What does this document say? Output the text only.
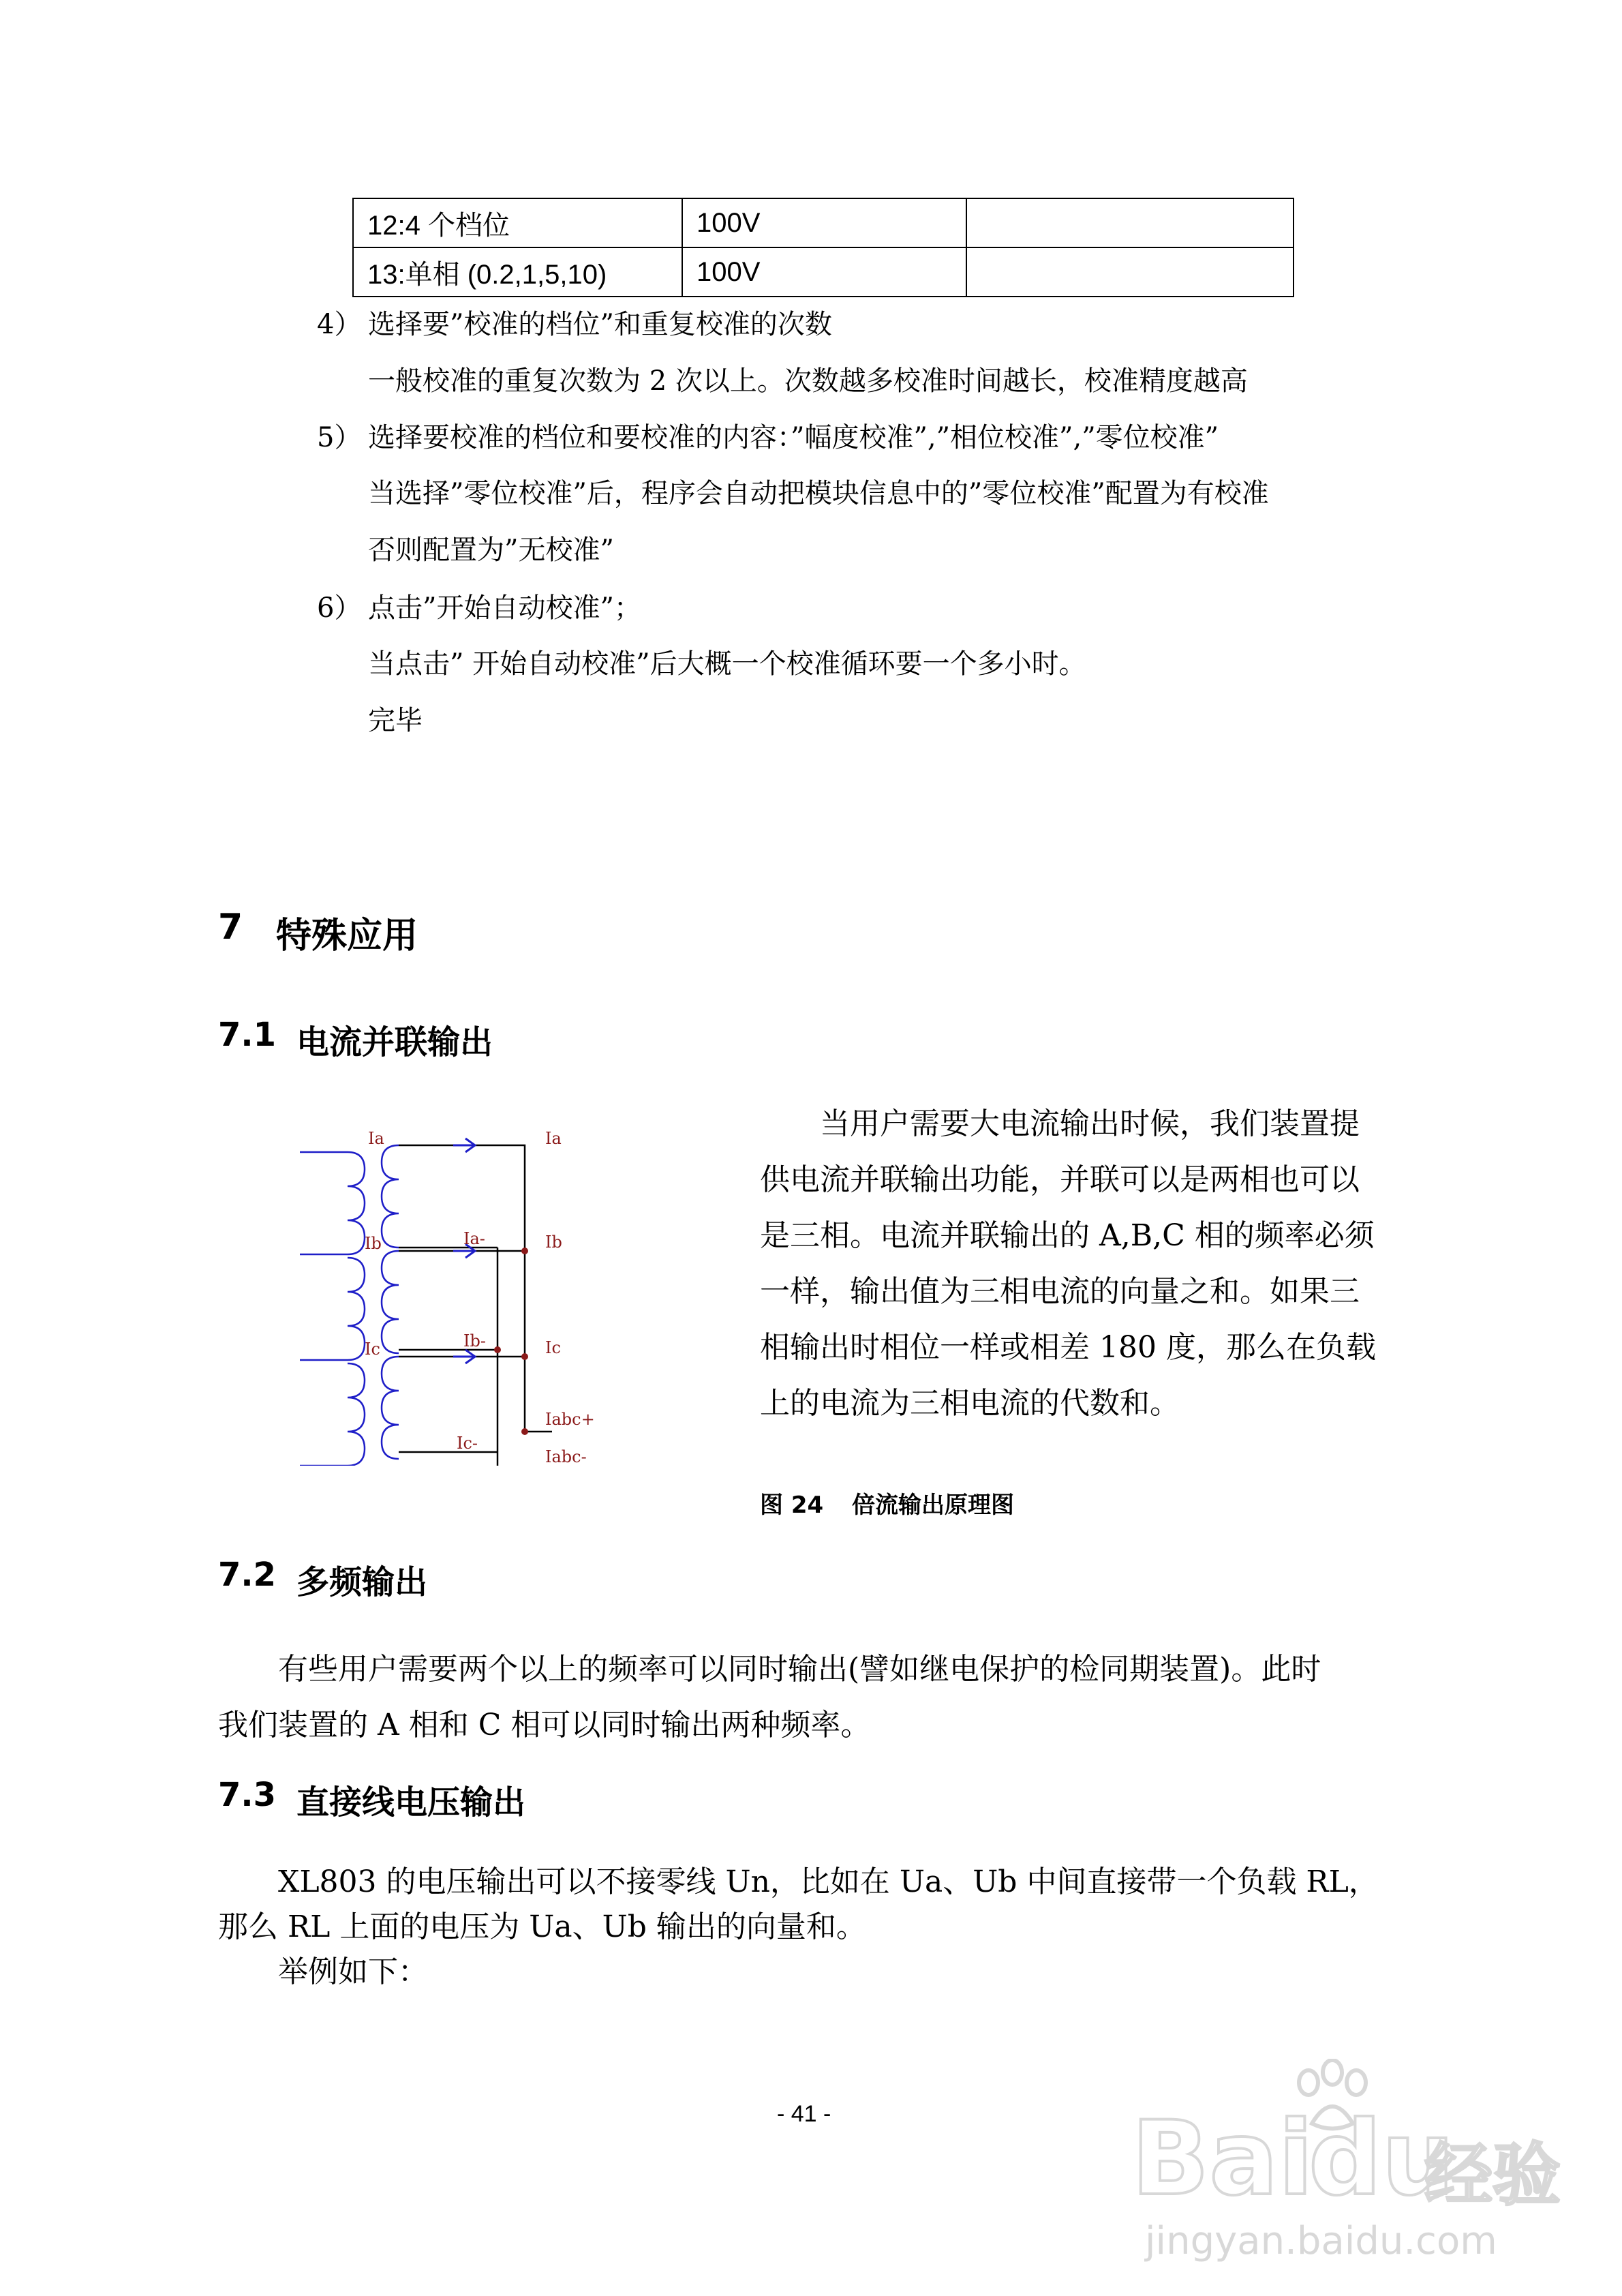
12:4 个档位	100V	
13:单相 (0.2,1,5,10)	100V	
4） 选择要”校准的档位”和重复校准的次数
一般校准的重复次数为 2 次以上。次数越多校准时间越长，校准精度越高
5） 选择要校准的档位和要校准的内容：”幅度校准”,”相位校准”,”零位校准”
当选择”零位校准”后，程序会自动把模块信息中的”零位校准”配置为有校准
否则配置为”无校准”
6） 点击”开始自动校准”；
当点击” 开始自动校准”后大概一个校准循环要一个多小时。
完毕
7 特殊应用
7.1 电流并联输出
Ia
Ib
Ic
Ia-
Ib-
Ic-
Ia
Ib
Ic
Iabc+
Iabc-
当用户需要大电流输出时候，我们装置提
供电流并联输出功能，并联可以是两相也可以
是三相。电流并联输出的 A,B,C 相的频率必须
一样，输出值为三相电流的向量之和。如果三
相输出时相位一样或相差 180 度，那么在负载
上的电流为三相电流的代数和。
图 24 倍流输出原理图
7.2 多频输出
有些用户需要两个以上的频率可以同时输出(譬如继电保护的检同期装置)。此时
我们装置的 A 相和 C 相可以同时输出两种频率。
7.3 直接线电压输出
XL803 的电压输出可以不接零线 Un，比如在 Ua、Ub 中间直接带一个负载 RL，
那么 RL 上面的电压为 Ua、Ub 输出的向量和。
举例如下：
- 41 -	Bai
du
经验
jingyan.baidu.com
